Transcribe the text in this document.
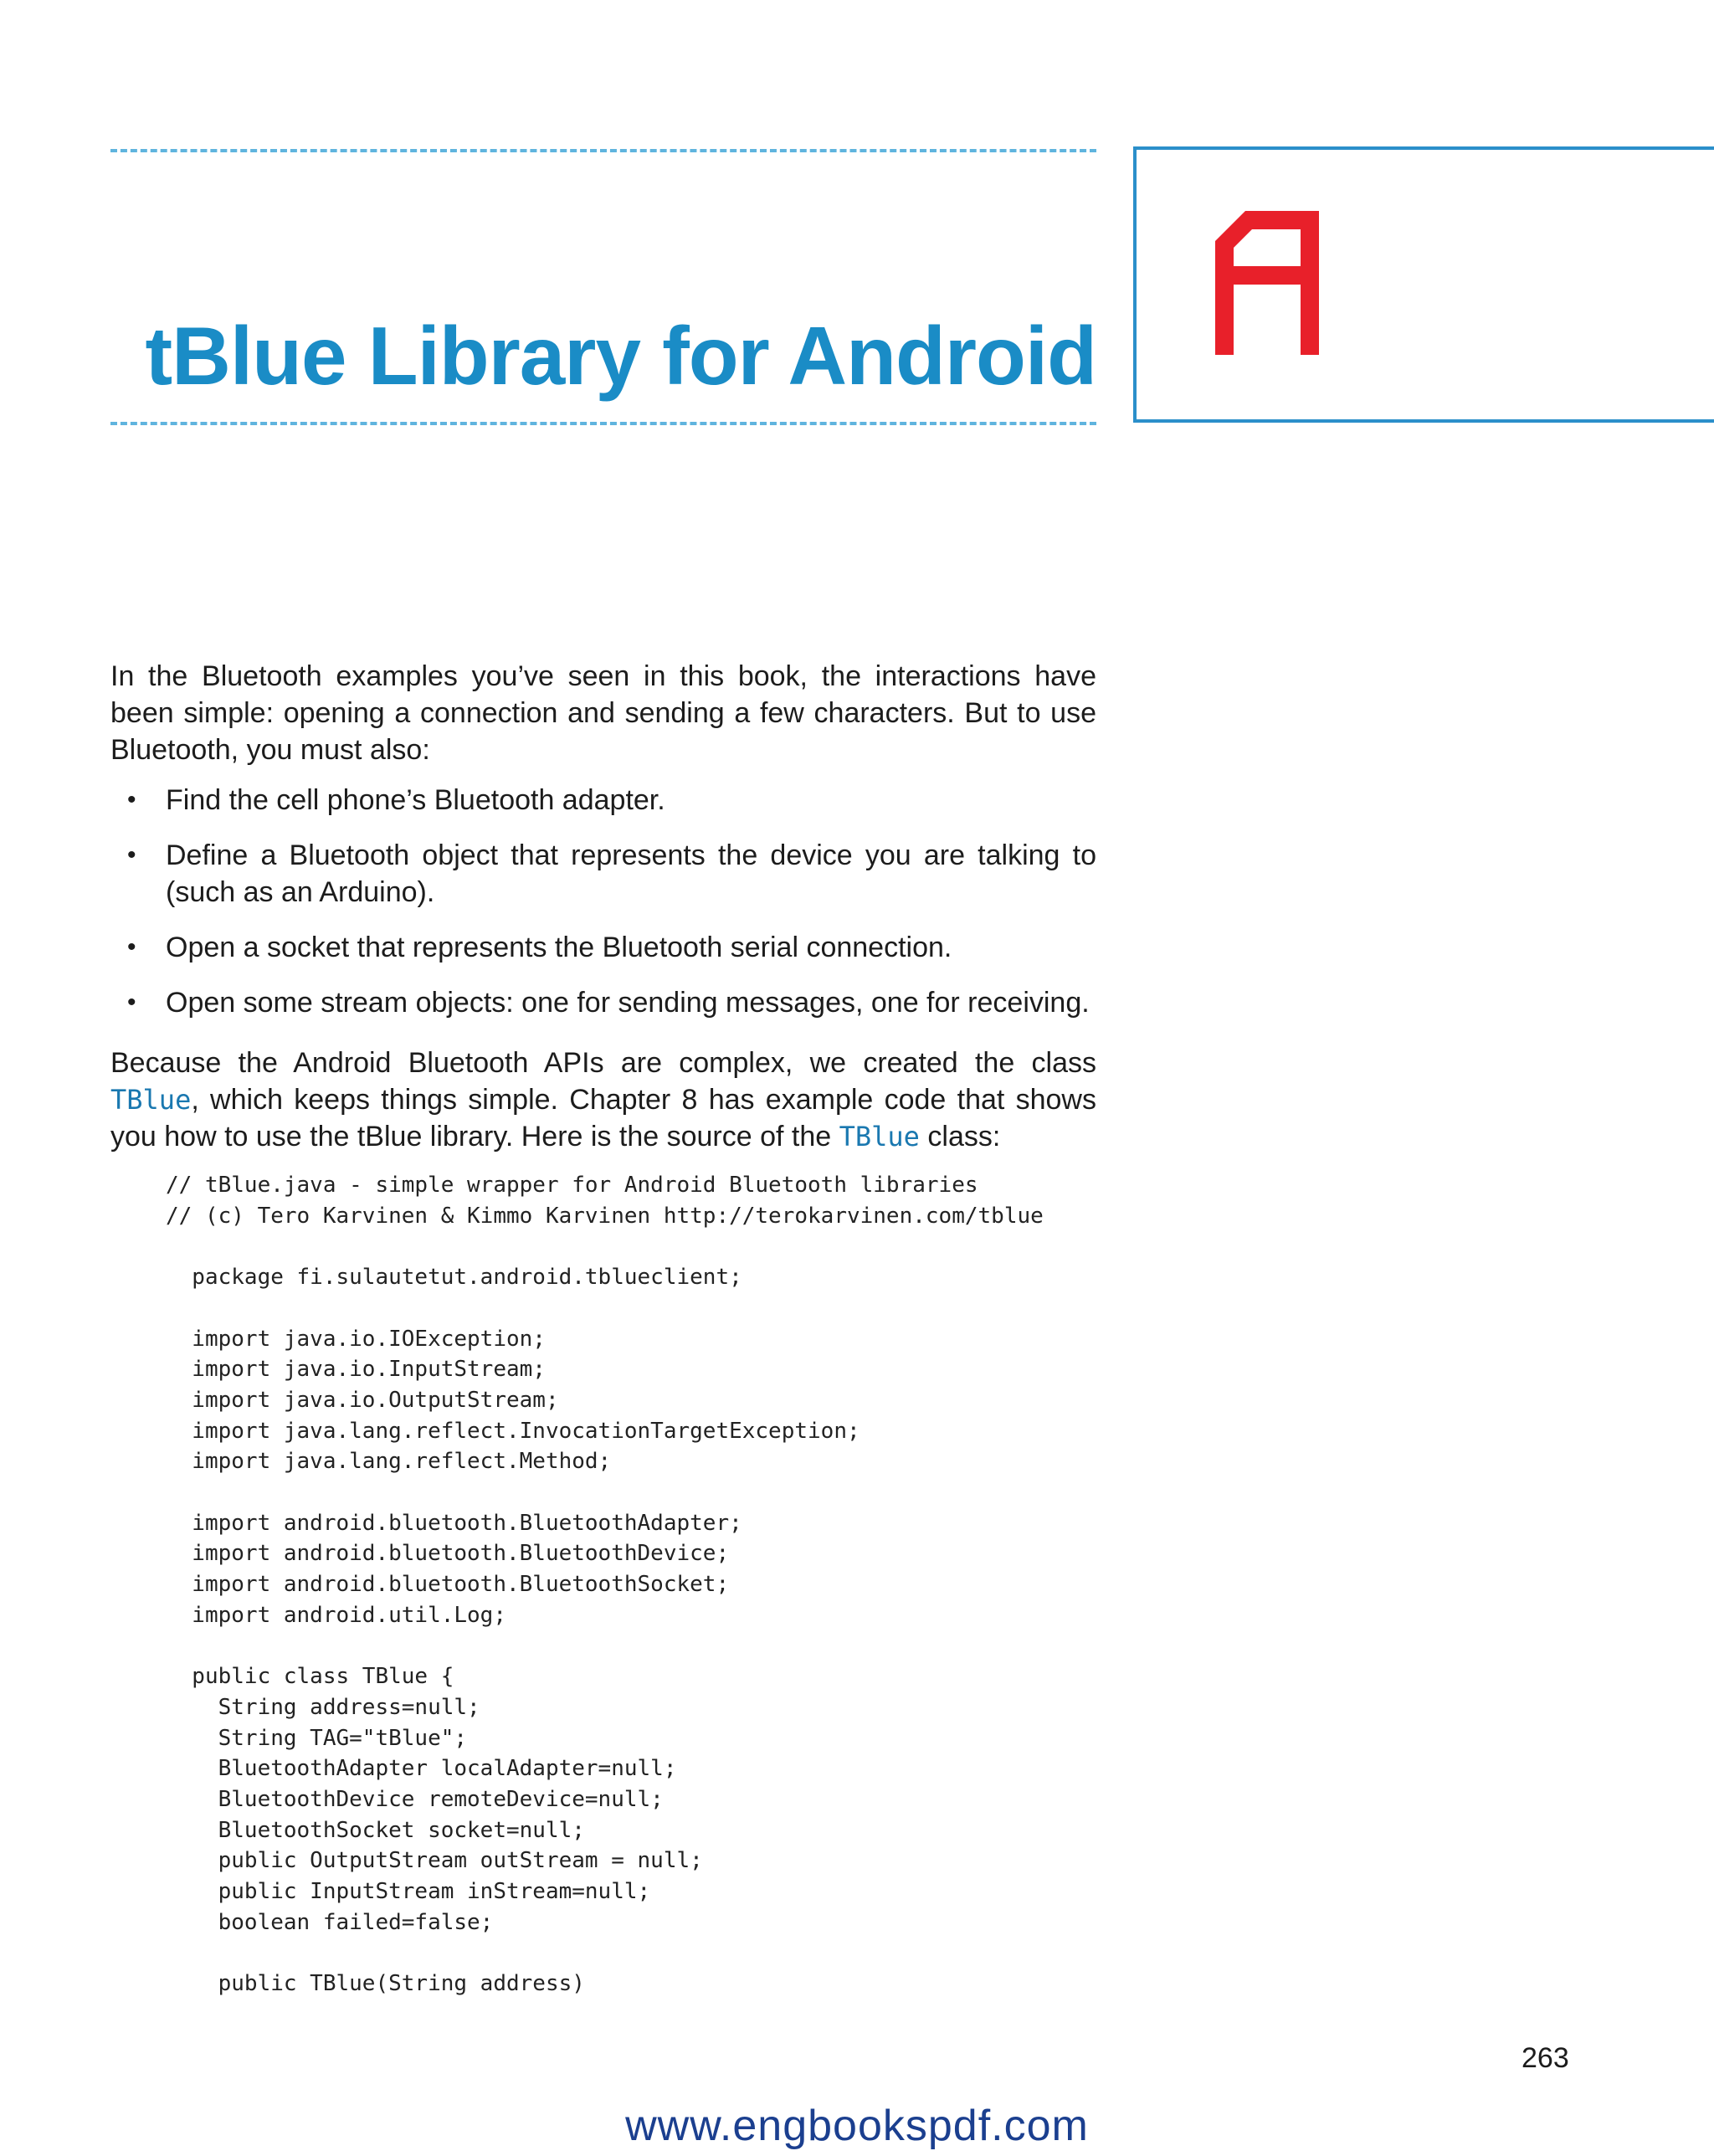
tBlue Library for Android

In the Bluetooth examples you’ve seen in this book, the interactions have been simple: opening a connection and sending a few characters. But to use Bluetooth, you must also:

• Find the cell phone’s Bluetooth adapter.
• Define a Bluetooth object that represents the device you are talking to (such as an Arduino).
• Open a socket that represents the Bluetooth serial connection.
• Open some stream objects: one for sending messages, one for receiving.

Because the Android Bluetooth APIs are complex, we created the class TBlue, which keeps things simple. Chapter 8 has example code that shows you how to use the tBlue library. Here is the source of the TBlue class:

// tBlue.java - simple wrapper for Android Bluetooth libraries
// (c) Tero Karvinen & Kimmo Karvinen http://terokarvinen.com/tblue

package fi.sulautetut.android.tblueclient;

import java.io.IOException;
import java.io.InputStream;
import java.io.OutputStream;
import java.lang.reflect.InvocationTargetException;
import java.lang.reflect.Method;

import android.bluetooth.BluetoothAdapter;
import android.bluetooth.BluetoothDevice;
import android.bluetooth.BluetoothSocket;
import android.util.Log;

public class TBlue {
String address=null;
String TAG="tBlue";
BluetoothAdapter localAdapter=null;
BluetoothDevice remoteDevice=null;
BluetoothSocket socket=null;
public OutputStream outStream = null;
public InputStream inStream=null;
boolean failed=false;

public TBlue(String address)
263
www.engbookspdf.com
